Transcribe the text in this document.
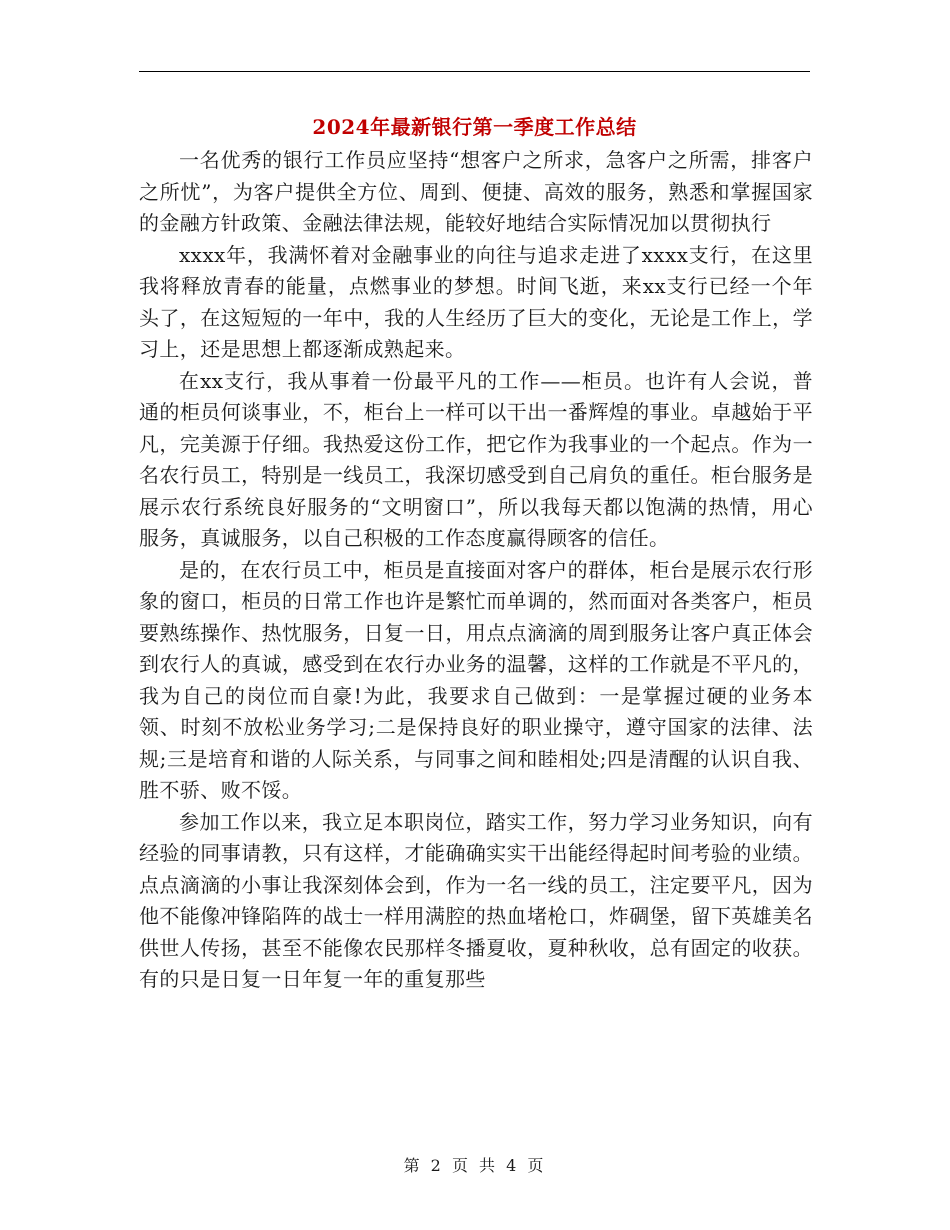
2024年最新银行第一季度工作总结

一名优秀的银行工作员应坚持“想客户之所求，急客户之所需，排客户之所忧”，为客户提供全方位、周到、便捷、高效的服务，熟悉和掌握国家的金融方针政策、金融法律法规，能较好地结合实际情况加以贯彻执行

xxxx年，我满怀着对金融事业的向往与追求走进了xxxx支行，在这里我将释放青春的能量，点燃事业的梦想。时间飞逝，来xx支行已经一个年头了，在这短短的一年中，我的人生经历了巨大的变化，无论是工作上，学习上，还是思想上都逐渐成熟起来。

在xx支行，我从事着一份最平凡的工作——柜员。也许有人会说，普通的柜员何谈事业，不，柜台上一样可以干出一番辉煌的事业。卓越始于平凡，完美源于仔细。我热爱这份工作，把它作为我事业的一个起点。作为一名农行员工，特别是一线员工，我深切感受到自己肩负的重任。柜台服务是展示农行系统良好服务的“文明窗口”，所以我每天都以饱满的热情，用心服务，真诚服务，以自己积极的工作态度赢得顾客的信任。

是的，在农行员工中，柜员是直接面对客户的群体，柜台是展示农行形象的窗口，柜员的日常工作也许是繁忙而单调的，然而面对各类客户，柜员要熟练操作、热忱服务，日复一日，用点点滴滴的周到服务让客户真正体会到农行人的真诚，感受到在农行办业务的温馨，这样的工作就是不平凡的，我为自己的岗位而自豪!为此，我要求自己做到：一是掌握过硬的业务本领、时刻不放松业务学习;二是保持良好的职业操守，遵守国家的法律、法规;三是培育和谐的人际关系，与同事之间和睦相处;四是清醒的认识自我、胜不骄、败不馁。

参加工作以来，我立足本职岗位，踏实工作，努力学习业务知识，向有经验的同事请教，只有这样，才能确确实实干出能经得起时间考验的业绩。点点滴滴的小事让我深刻体会到，作为一名一线的员工，注定要平凡，因为他不能像冲锋陷阵的战士一样用满腔的热血堵枪口，炸碉堡，留下英雄美名供世人传扬，甚至不能像农民那样冬播夏收，夏种秋收，总有固定的收获。有的只是日复一日年复一年的重复那些

第 2 页 共 4 页
